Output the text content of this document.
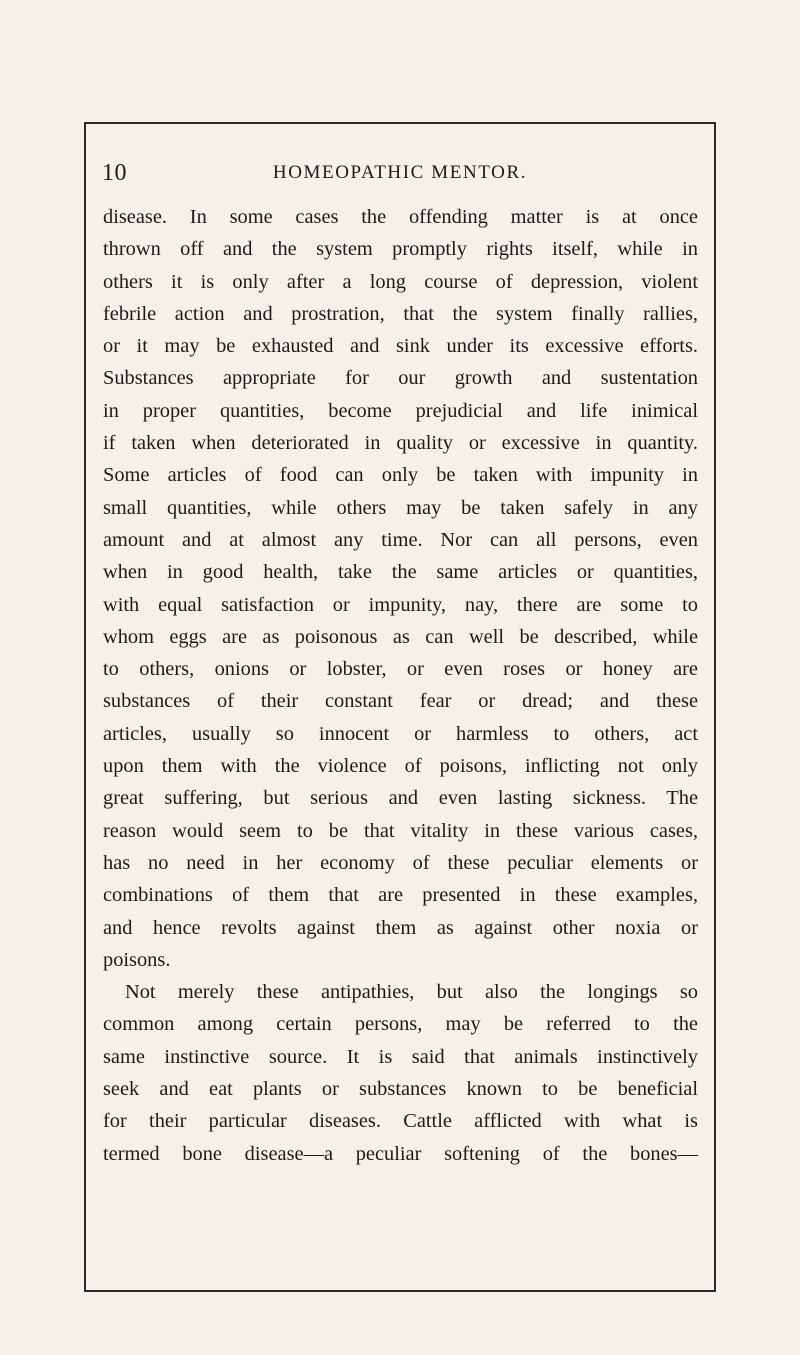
10	HOMEOPATHIC MENTOR.
disease. In some cases the offending matter is at once
thrown off and the system promptly rights itself, while in
others it is only after a long course of depression, violent
febrile action and prostration, that the system finally rallies,
or it may be exhausted and sink under its excessive efforts.
Substances appropriate for our growth and sustentation
in proper quantities, become prejudicial and life inimical
if taken when deteriorated in quality or excessive in quantity.
Some articles of food can only be taken with impunity in
small quantities, while others may be taken safely in any
amount and at almost any time. Nor can all persons, even
when in good health, take the same articles or quantities,
with equal satisfaction or impunity, nay, there are some to
whom eggs are as poisonous as can well be described, while
to others, onions or lobster, or even roses or honey are
substances of their constant fear or dread; and these
articles, usually so innocent or harmless to others, act
upon them with the violence of poisons, inflicting not only
great suffering, but serious and even lasting sickness. The
reason would seem to be that vitality in these various cases,
has no need in her economy of these peculiar elements or
combinations of them that are presented in these examples,
and hence revolts against them as against other noxia or
poisons.
Not merely these antipathies, but also the longings so
common among certain persons, may be referred to the
same instinctive source. It is said that animals instinctively
seek and eat plants or substances known to be beneficial
for their particular diseases. Cattle afflicted with what is
termed bone disease—a peculiar softening of the bones—
